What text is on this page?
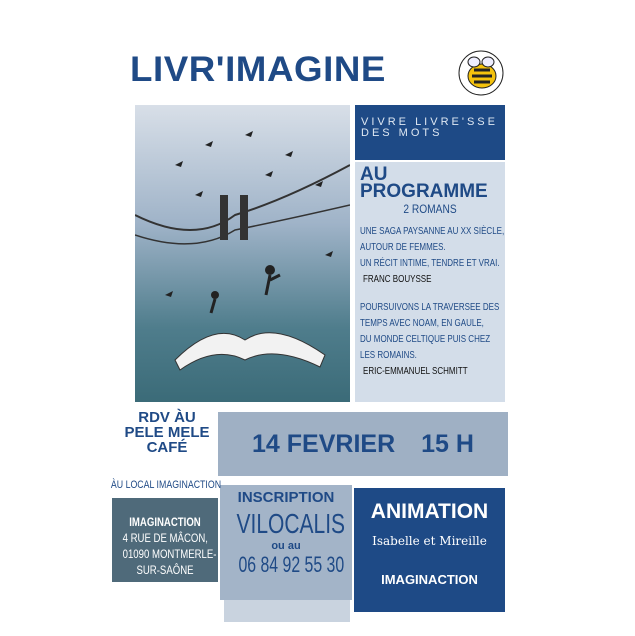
LIVR'IMAGINE
VIVRE LIVRE'SSE DES MOTS
AU PROGRAMME
2 ROMANS

UNE SAGA PAYSANNE AU XX SIÈCLE,

AUTOUR DE FEMMES.

UN RÉCIT INTIME, TENDRE ET VRAI.

FRANC BOUYSSE

POURSUIVONS LA TRAVERSEE DES

TEMPS AVEC NOAM, EN GAULE,

DU MONDE CELTIQUE PUIS CHEZ

LES ROMAINS.

ERIC-EMMANUEL SCHMITT

RDV ÀU
PELE MELE
CAFÉ	14 FEVRIER 15 H
ÀU LOCAL IMAGINACTION
IMAGINACTION
4 RUE DE MÂCON,
01090 MONTMERLE-
SUR-SAÔNE
INSCRIPTION
VILOCALIS
ou au
06 84 92 55 30
ANIMATION
Isabelle et Mireille
IMAGINACTION
